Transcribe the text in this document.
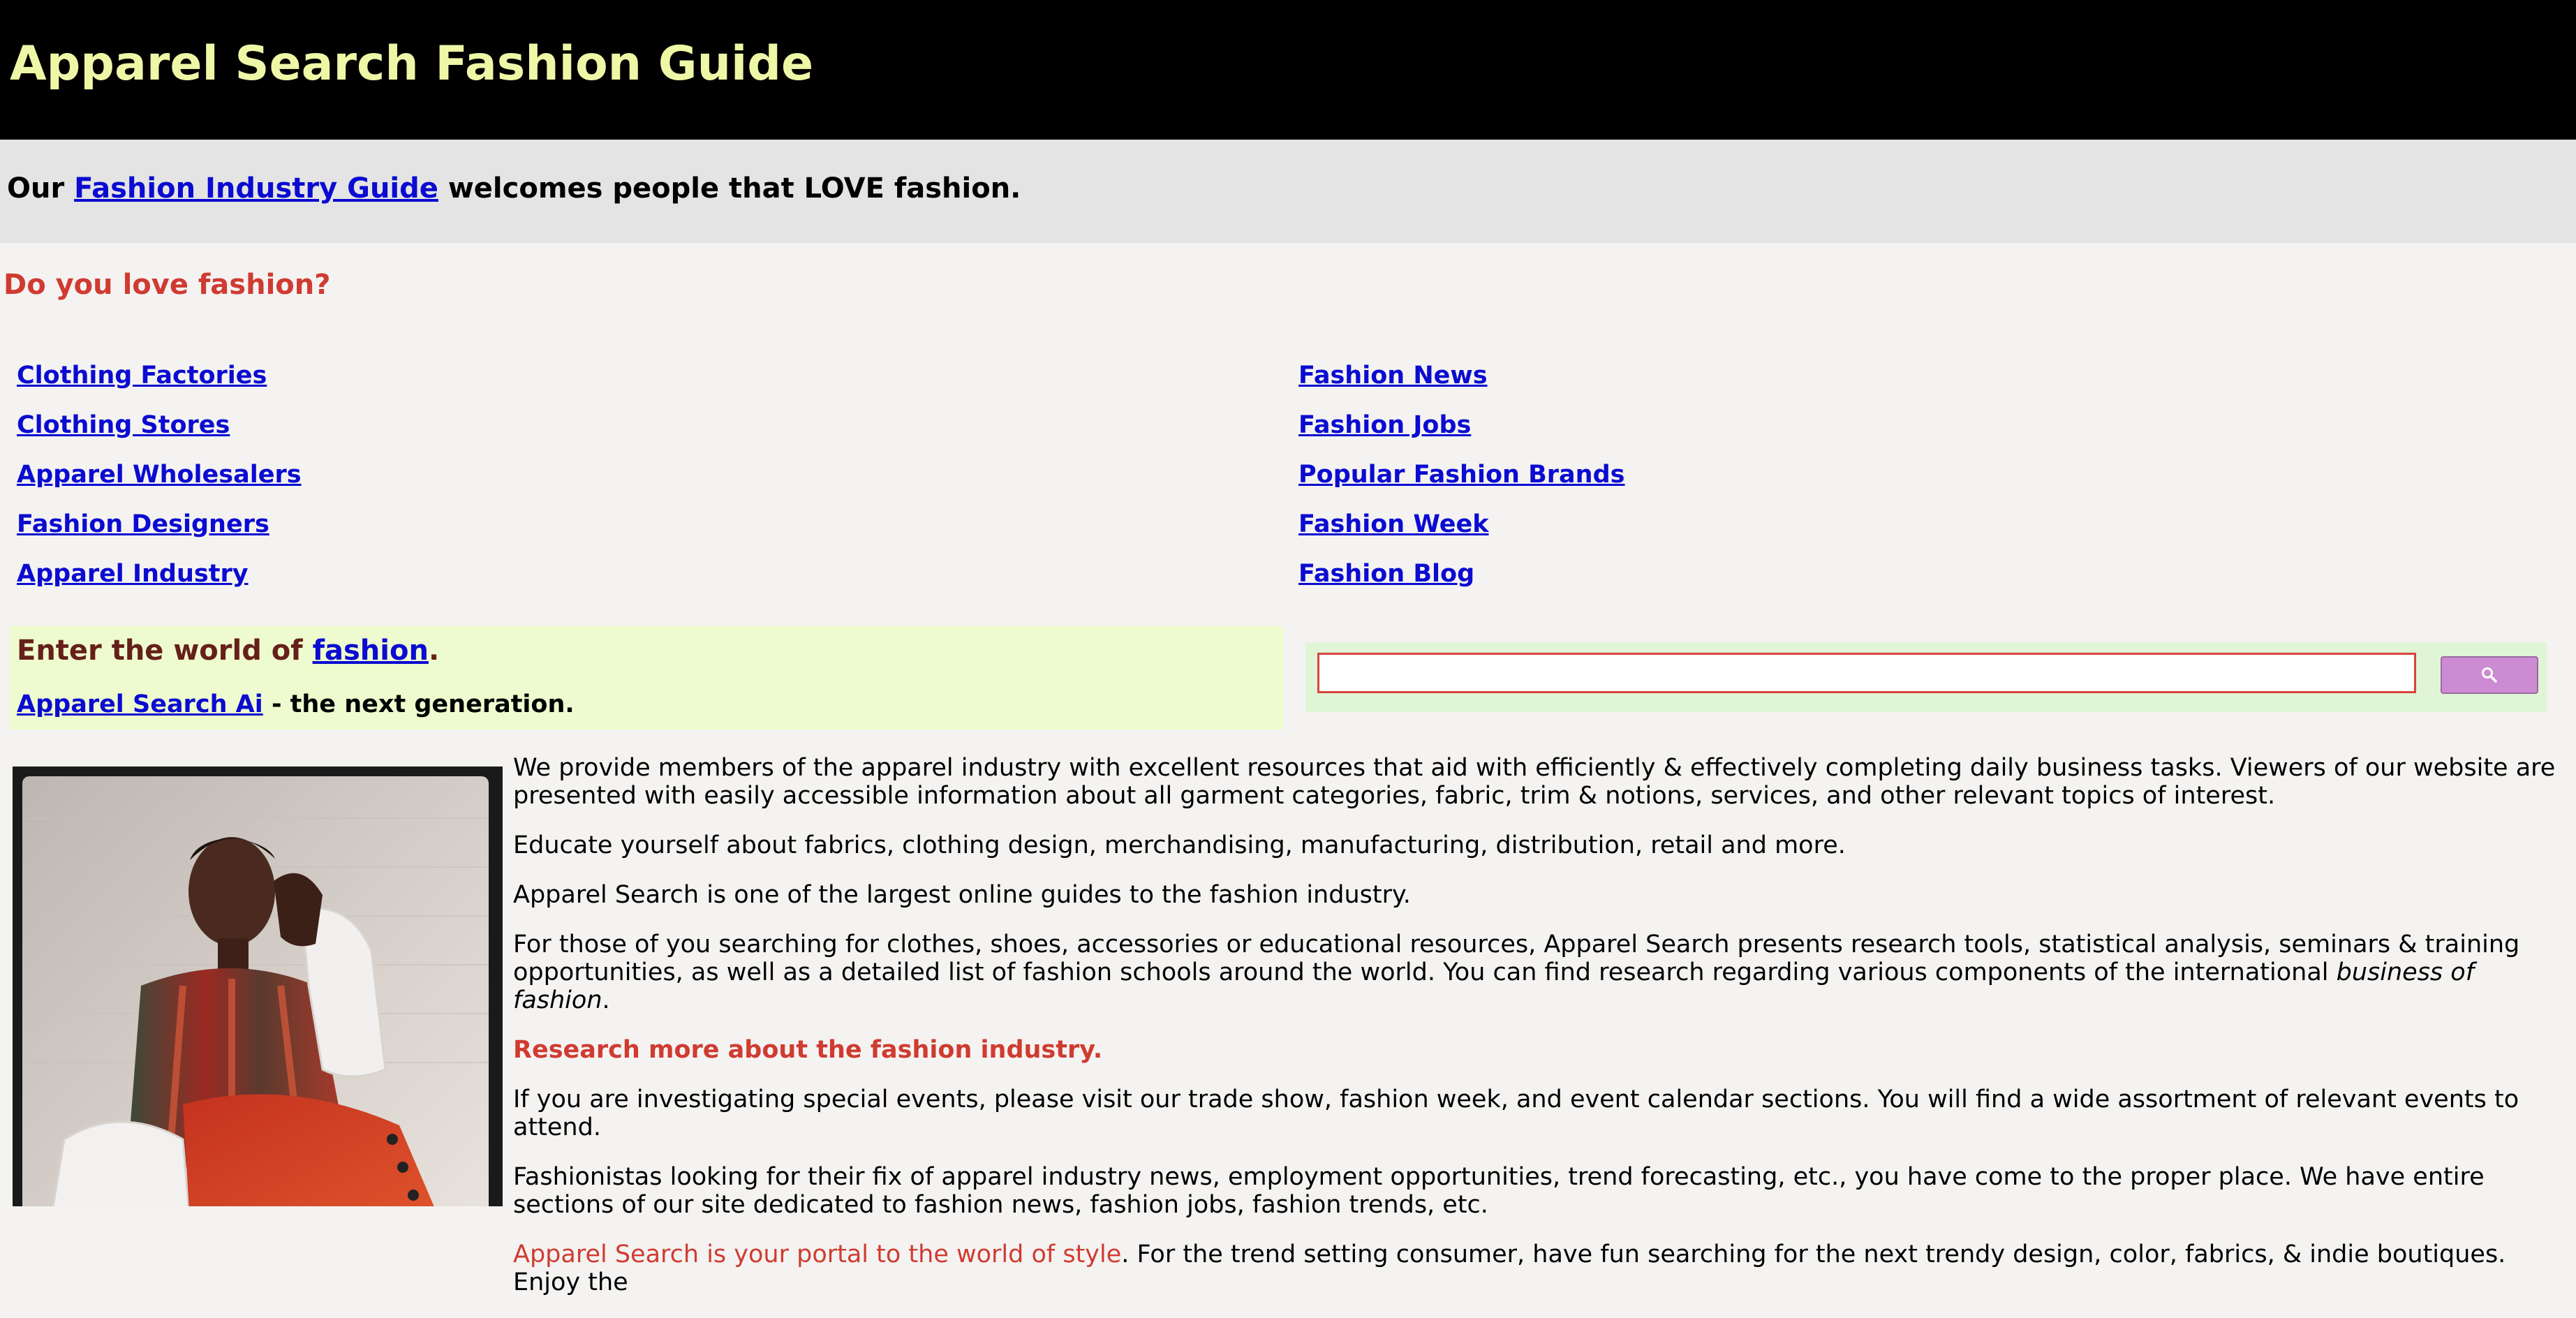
Apparel Search Fashion Guide

Our Fashion Industry Guide welcomes people that LOVE fashion.

Do you love fashion?
Clothing Factories
Clothing Stores
Apparel Wholesalers
Fashion Designers
Apparel Industry
Fashion News
Fashion Jobs
Popular Fashion Brands
Fashion Week
Fashion Blog

Enter the world of fashion.

Apparel Search Ai - the next generation.

We provide members of the apparel industry with excellent resources that aid with efficiently & effectively completing daily business tasks. Viewers of our website are presented with easily accessible information about all garment categories, fabric, trim & notions, services, and other relevant topics of interest.

Educate yourself about fabrics, clothing design, merchandising, manufacturing, distribution, retail and more.

Apparel Search is one of the largest online guides to the fashion industry.

For those of you searching for clothes, shoes, accessories or educational resources, Apparel Search presents research tools, statistical analysis, seminars & training opportunities, as well as a detailed list of fashion schools around the world. You can find research regarding various components of the international business of fashion.

Research more about the fashion industry.

If you are investigating special events, please visit our trade show, fashion week, and event calendar sections. You will find a wide assortment of relevant events to attend.

Fashionistas looking for their fix of apparel industry news, employment opportunities, trend forecasting, etc., you have come to the proper place. We have entire sections of our site dedicated to fashion news, fashion jobs, fashion trends, etc.

Apparel Search is your portal to the world of style. For the trend setting consumer, have fun searching for the next trendy design, color, fabrics, & indie boutiques. Enjoy the
